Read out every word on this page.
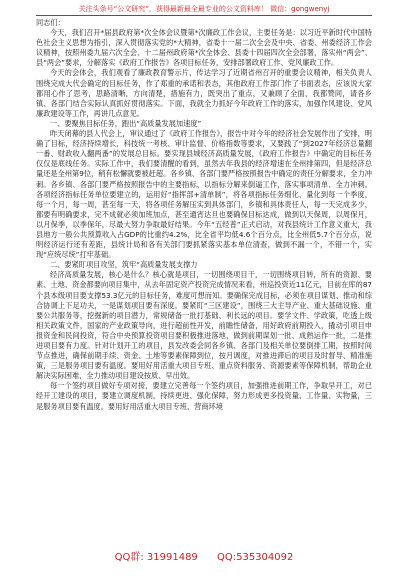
关注头条号“公文研究”，获得最新最全最专业的公文资料库！ 微信：gongwenyj

同志们：

今天，我们召开*届县政府第*次全体会议暨第*次廉政工作会议，主要任务是：以习近平新时代中国特色社会主义思想为指引，深入贯彻落实党的*大精神，省委十一届二次全会及中央、省委、州委经济工作会议精神，按照州委九届六次全会、十二届州政府第*次全体会、县委十四届四次全会部署，落实州“两会”、县“两会”要求，分解落实《政府工作报告》各项目标任务，安排部署政府工作、党风廉政工作。

今天的会体会，我们观看了廉政教育警示片，传达学习了近期省州召开的重要会议精神，相关负责人围绕完成大代会确定的目标任务，作了郑重的承诺和表态，其他政府工作部门作了书面表态，应该说大家都用心作了思考，思路清晰，方向清楚，措施有力，既突出了重点，又兼顾了全面，我都赞同，请各乡镇、各部门结合实际认真抓好贯彻落实。下面，我就全力抓好今年政府工作的落实，加强作风建设、党风廉政建设等工作，再讲几点意见。

一、要聚焦目标任务，跑出“高质量发展加速度”

昨天闭幕的县人代会上，审议通过了《政府工作报告》，报告中对今年的经济社会发展作出了安排，明确了目标，经济持续增长，科技统一考核、审计监督、价格指数等要求，又要践了“到2027年经济总量翻一番、财政收入翻两番”的发展总目标。要实现县城经济高质量发展，《政府工作报告》中确定的目标任务仅仅是底线任务。实际工作中，我们要清醒的看到，虽然去年我县的经济增速在全州排第四，但是经济总量还是全州第9位，稍有松懈就要被赶超。各乡镇、各部门要严格按照报告中确定的责任分解要求，全力冲刺。各乡镇、各部门要严格按照报告中的主要指标、以指标分解来倒逼工作，落实事项清单、全力冲刺。各项经济指标任务单位要建立的，运用好“指挥部+清单制”，将各项指标任务细化、量化到每一个季度，每一个月，每一周，甚至每一天，将各项任务解压实到具体部门，乡镇和具体责任人，每一天完成多少，都要有明确要求，完不成就必须加班加点，甚至通宵达旦也要确保目标达成，做到以天保周，以周保月，以月保季，以季保年，尽最大努力争取最好结果。今年“五经普”正式启动，对我县统计工作意义重大，我县地方一般公共预算收入占GDP的比重约4.2%，比全省平均低4.6个百分点，比全州低5.7个百分点，说明经济运行还有差距，县统计局和各有关部门要抓紧落实基本单位清查，做到不漏一个，不错一个，实现“应统尽统”打牢基础。

二、要紧盯项目攻坚，筑牢“高质量发展支撑力

经济高质量发展，核心是什么？核心就是项目，一切围绕项目干，一切围绕项目转，所有的资源、要素、土地、资金都要向项目集中，从去年固定资产投资完成情况来看，州巡投资近11亿元，目前在库的87个县本级项目要支撑53.3亿元的目标任务，难度可想而知。要确保完成目标，必须在项目谋划、推动和综合协调上下足功夫，一是谋划项目要有深度。要紧盯“三区建设”，围绕三大主导产业、重大基础设施、重要公共服务等，挖掘新的项目潜力，常规储备一批打基础、利长远的项目。要学文件、学政策，吃透上级相关政策文件，国家的产业政策导向，进行超前性开发，前瞻性储备，用好政府前期投入，撬动引项目申报资金和民间投资，符合中央预算投资项目要积极推进落地，做到前期谋划一批、成熟运作一批，二是推进项目要有力度。针对计划开工的项目，县发改委会同各乡镇、各部门及相关单位要倒排工期，按照时间节点推进，确保前期手续、资金、土地等要素保障到位，按月调度，对推进滞后的项目及时督导、精准施策，三是服务项目要有温度。要用好用活重大项目专班、重点资料服务、资源要素等保障机制，帮助企业解决实际困难，全力推动项目建设按质、早出效。

每一个签约项目做好专项对接，要建立完善每一个签约项目，加强推进前期工作，争取早开工，对已经开工建设的项目，要建立调度机制，持续更进、强化保障，努力形成更多投资量、工作量、实物量，三是服务项目要有温度。要用好用活重大项目专班、营商环境

QQ群: 31991489 QQ:535304092
